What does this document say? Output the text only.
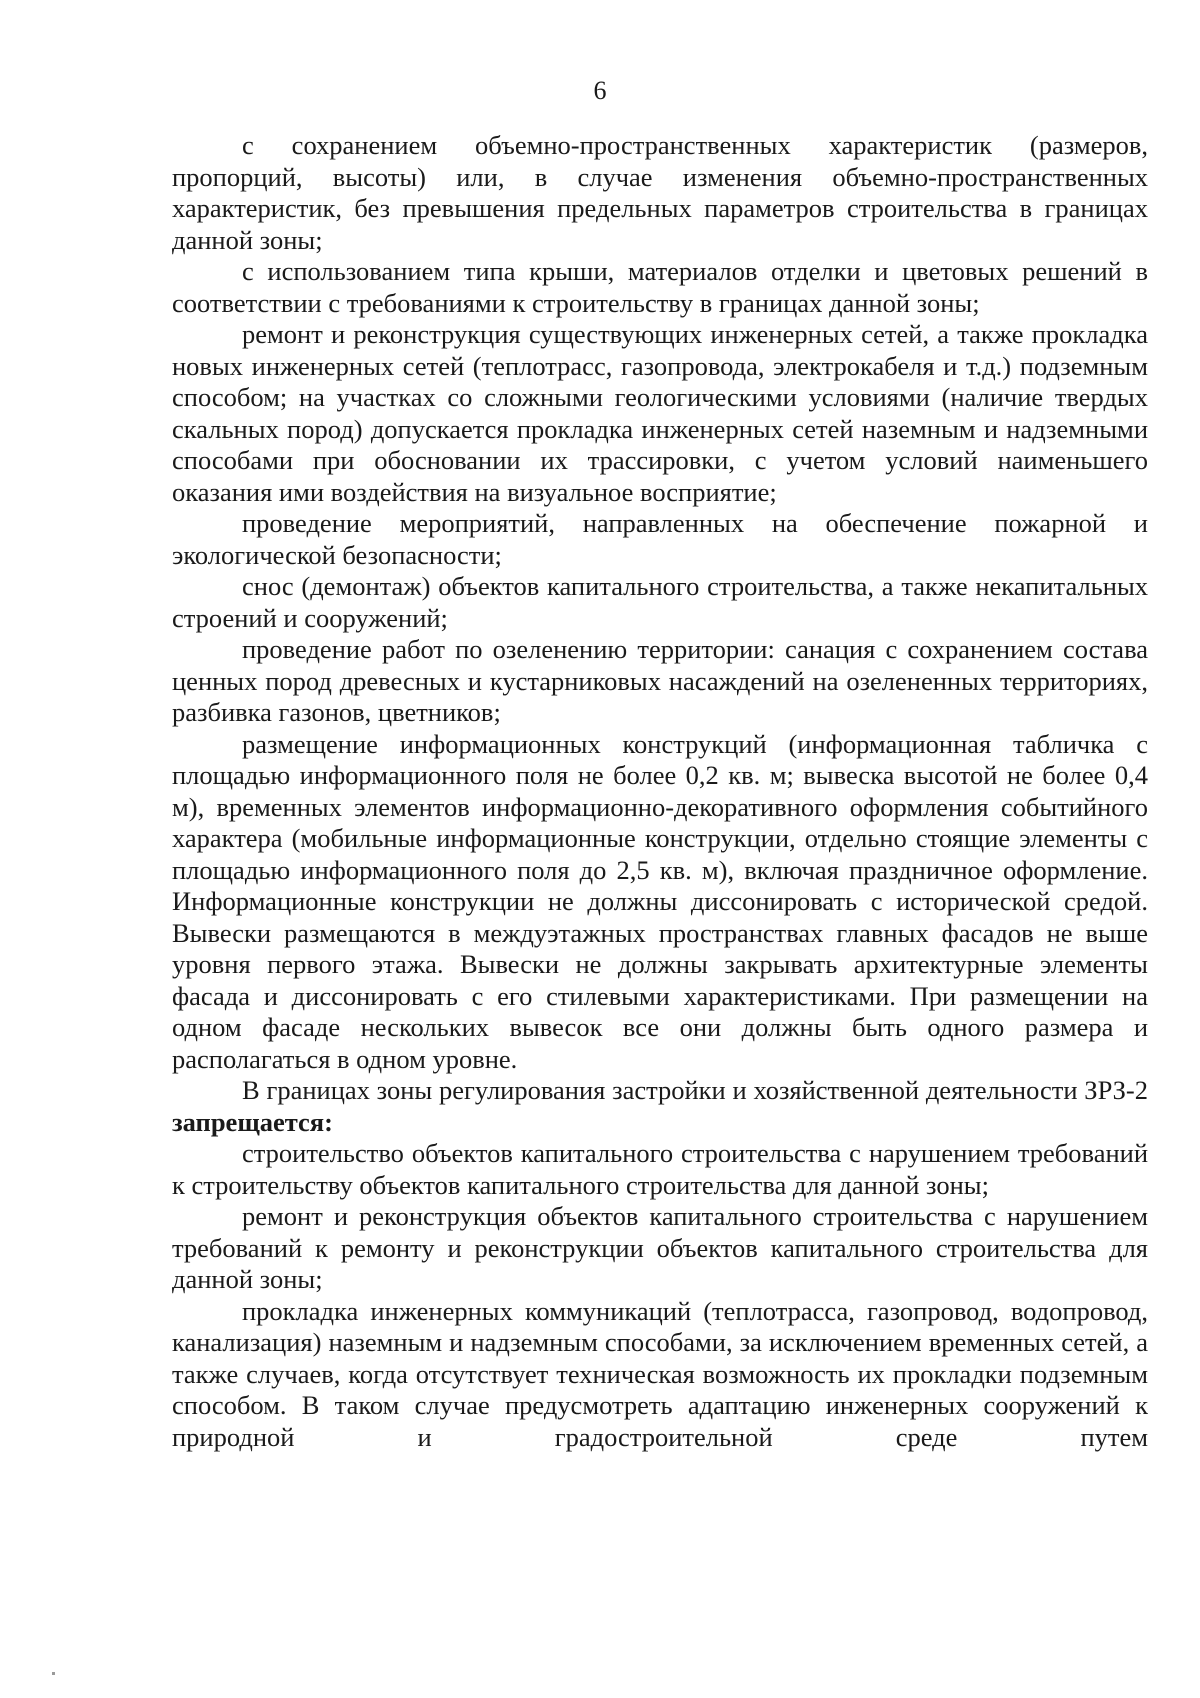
6

с сохранением объемно-пространственных характеристик (размеров, пропорций, высоты) или, в случае изменения объемно-пространственных характеристик, без превышения предельных параметров строительства в границах данной зоны;

с использованием типа крыши, материалов отделки и цветовых решений в соответствии с требованиями к строительству в границах данной зоны;

ремонт и реконструкция существующих инженерных сетей, а также прокладка новых инженерных сетей (теплотрасс, газопровода, электрокабеля и т.д.) подземным способом; на участках со сложными геологическими условиями (наличие твердых скальных пород) допускается прокладка инженерных сетей наземным и надземными способами при обосновании их трассировки, с учетом условий наименьшего оказания ими воздействия на визуальное восприятие;

проведение мероприятий, направленных на обеспечение пожарной и экологической безопасности;

снос (демонтаж) объектов капитального строительства, а также некапитальных строений и сооружений;

проведение работ по озеленению территории: санация с сохранением состава ценных пород древесных и кустарниковых насаждений на озелененных территориях, разбивка газонов, цветников;

размещение информационных конструкций (информационная табличка с площадью информационного поля не более 0,2 кв. м; вывеска высотой не более 0,4 м), временных элементов информационно-декоративного оформления событийного характера (мобильные информационные конструкции, отдельно стоящие элементы с площадью информационного поля до 2,5 кв. м), включая праздничное оформление. Информационные конструкции не должны диссонировать с исторической средой. Вывески размещаются в междуэтажных пространствах главных фасадов не выше уровня первого этажа. Вывески не должны закрывать архитектурные элементы фасада и диссонировать с его стилевыми характеристиками. При размещении на одном фасаде нескольких вывесок все они должны быть одного размера и располагаться в одном уровне.

В границах зоны регулирования застройки и хозяйственной деятельности ЗРЗ-2 запрещается:

строительство объектов капитального строительства с нарушением требований к строительству объектов капитального строительства для данной зоны;

ремонт и реконструкция объектов капитального строительства с нарушением требований к ремонту и реконструкции объектов капитального строительства для данной зоны;

прокладка инженерных коммуникаций (теплотрасса, газопровод, водопровод, канализация) наземным и надземным способами, за исключением временных сетей, а также случаев, когда отсутствует техническая возможность их прокладки подземным способом. В таком случае предусмотреть адаптацию инженерных сооружений к природной и градостроительной среде путем
